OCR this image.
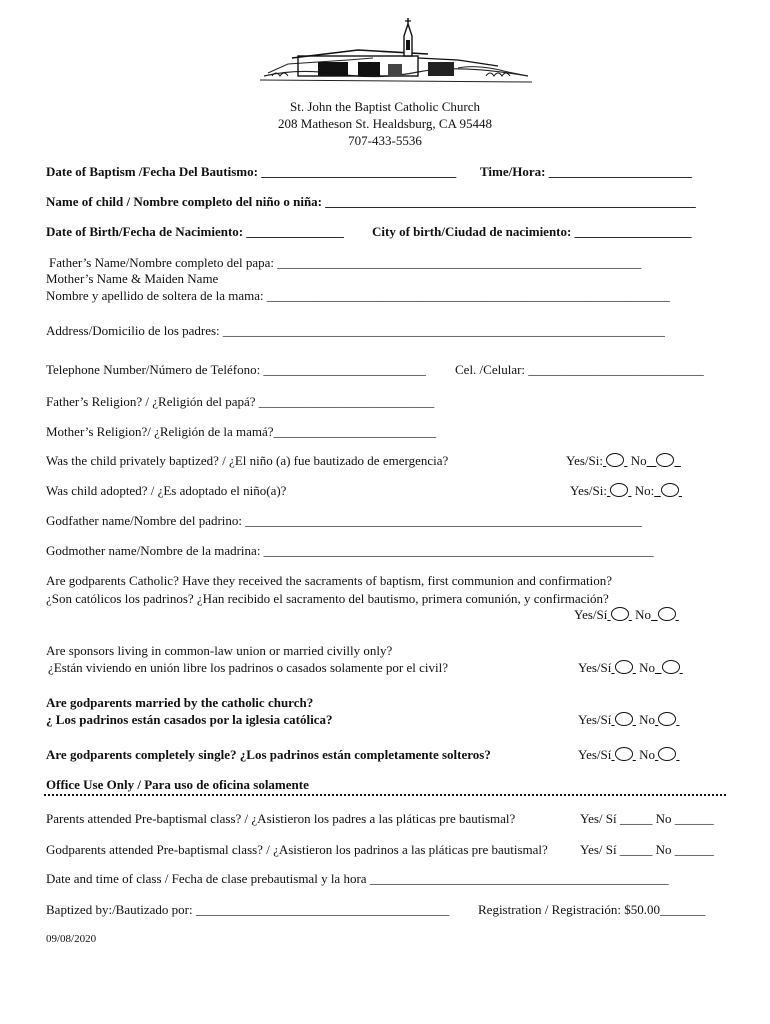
St. John the Baptist Catholic Church
208 Matheson St. Healdsburg, CA 95448
707-433-5536
Date of Baptism /Fecha Del Bautismo: ______________________________ Time/Hora: ______________________
Name of child / Nombre completo del niño o niña: _________________________________________________________
Date of Birth/Fecha de Nacimiento: _______________ City of birth/Ciudad de nacimiento: __________________
Father’s Name/Nombre completo del papa: ________________________________________________________
Mother’s Name & Maiden Name
Nombre y apellido de soltera de la mama: ______________________________________________________________
Address/Domicilio de los padres: ____________________________________________________________________
Telephone Number/Número de Teléfono: _________________________ Cel. /Celular: ___________________________
Father’s Religion? / ¿Religión del papá? ___________________________
Mother’s Religion?/ ¿Religión de la mamá?_________________________
Was the child privately baptized? / ¿El niño (a) fue bautizado de emergencia?	Yes/Si: No
Was child adopted? / ¿Es adoptado el niño(a)?	Yes/Si: No:
Godfather name/Nombre del padrino: _____________________________________________________________
Godmother name/Nombre de la madrina: ____________________________________________________________
Are godparents Catholic? Have they received the sacraments of baptism, first communion and confirmation?
¿Son católicos los padrinos? ¿Han recibido el sacramento del bautismo, primera comunión, y confirmación?
Yes/Sí No
Are sponsors living in common-law union or married civilly only?
¿Están viviendo en unión libre los padrinos o casados solamente por el civil?	Yes/Sí No
Are godparents married by the catholic church?
¿ Los padrinos están casados por la iglesia católica?	Yes/Sí No
Are godparents completely single? ¿Los padrinos están completamente solteros?	Yes/Sí No
Office Use Only / Para uso de oficina solamente
Parents attended Pre-baptismal class? / ¿Asistieron los padres a las pláticas pre bautismal?	Yes/ Sí _____ No ______
Godparents attended Pre-baptismal class? / ¿Asistieron los padrinos a las pláticas pre bautismal? Yes/ Sí _____ No ______
Date and time of class / Fecha de clase prebautismal y la hora ______________________________________________
Baptized by:/Bautizado por: _______________________________________ Registration / Registración: $50.00_______
09/08/2020
